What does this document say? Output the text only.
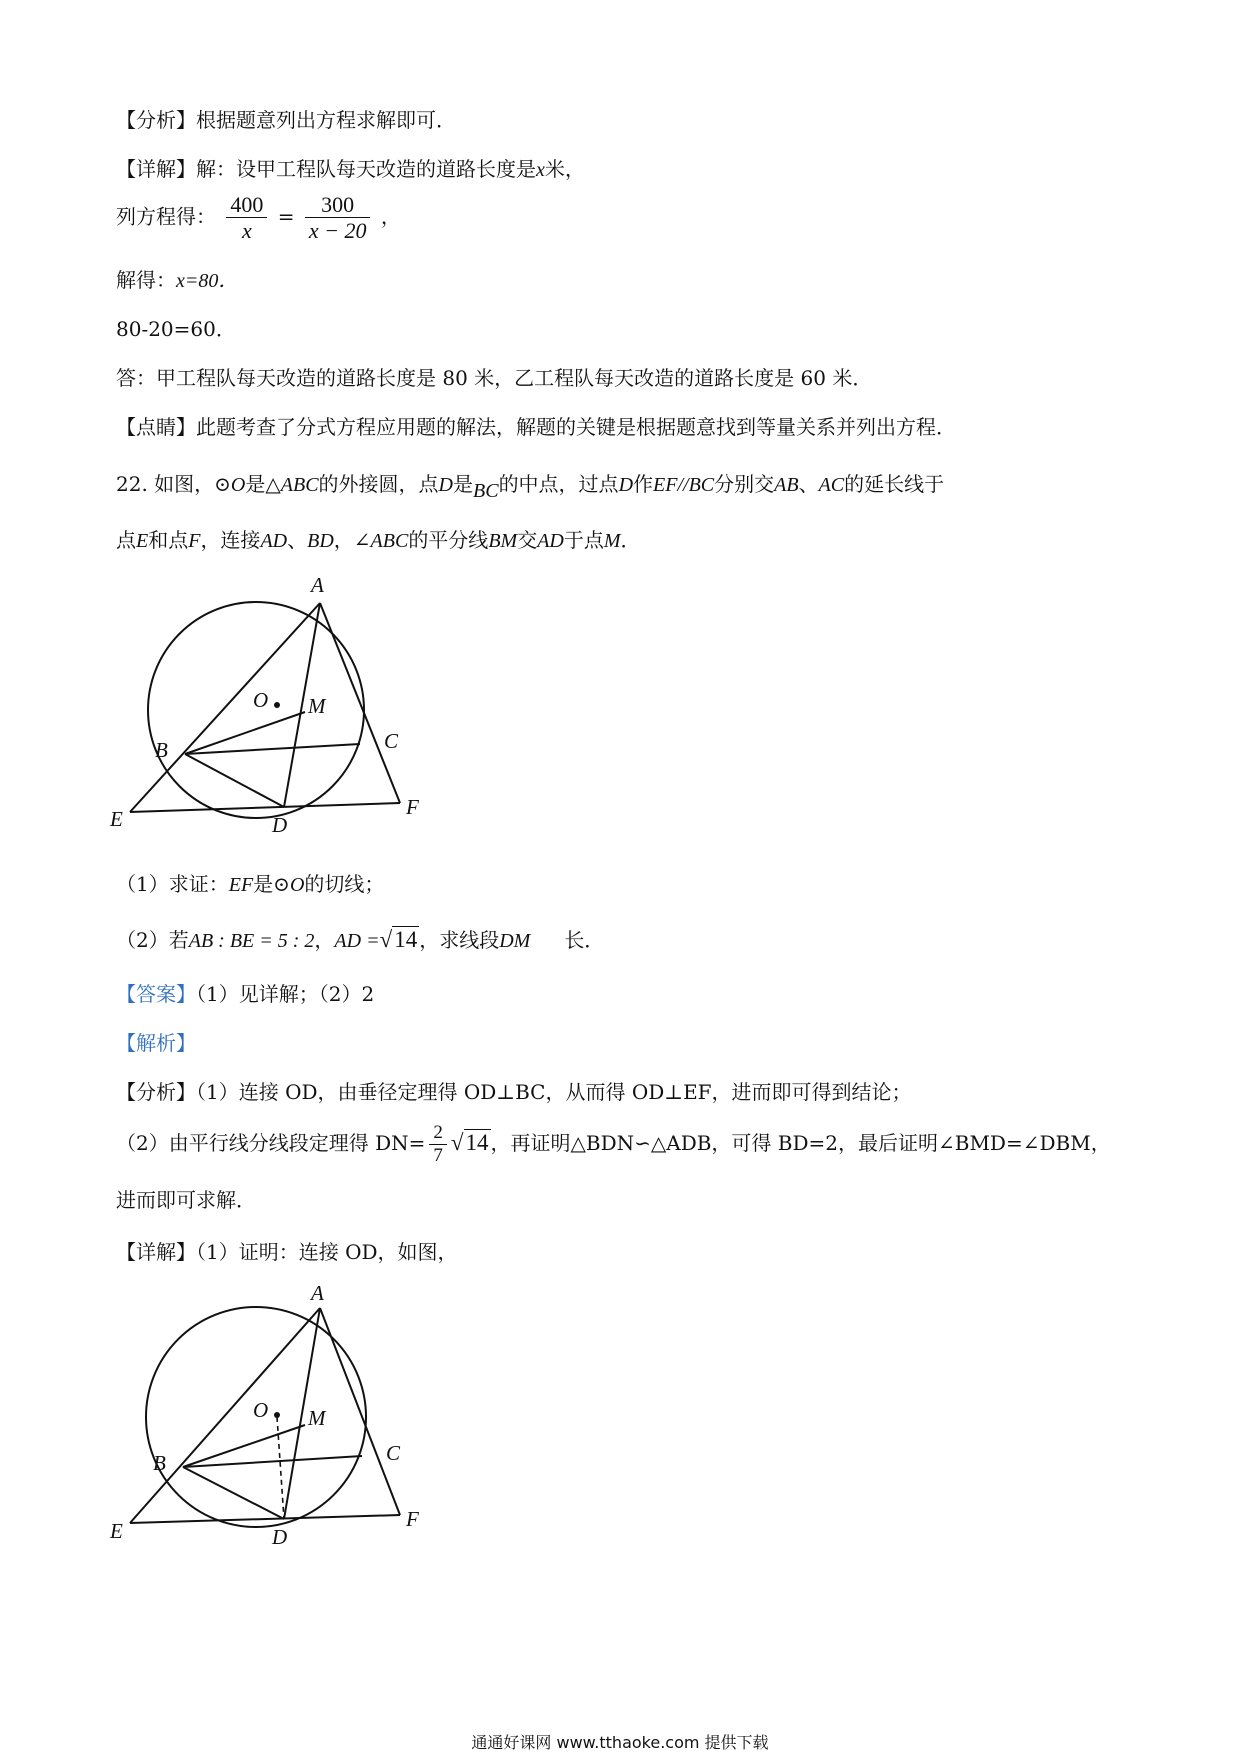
【分析】根据题意列出方程求解即可．
【详解】解：设甲工程队每天改造的道路长度是x米，
列方程得： $\frac{400}{x} = \frac{300}{x - 20}$ ，
解得：x=80．
80-20=60．
答：甲工程队每天改造的道路长度是 80 米，乙工程队每天改造的道路长度是 60 米．
【点睛】此题考查了分式方程应用题的解法，解题的关键是根据题意找到等量关系并列出方程．
22. 如图，⊙O是△ABC的外接圆，点D是BC的中点，过点D作EF//BC分别交AB、AC的延长线于
点E和点F，连接AD、BD，∠ABC的平分线BM交AD于点M．
A
O M
B	C
E	D
F
（1）求证：EF是⊙O的切线；
（2）若AB : BE = 5 : 2，AD =√14 ，求线段DM 长．
【答案】（1）见详解；（2）2
【解析】
【分析】（1）连接 OD，由垂径定理得 OD⊥BC，从而得 OD⊥EF，进而即可得到结论；
（2）由平行线分线段定理得 $DN= \frac{2}{7} √14$ ，再证明△BDN∽△ADB，可得 BD=2，最后证明∠BMD=∠DBM，
进而即可求解．
【详解】（1）证明：连接 OD，如图，
A
O M
B	C
E	D
F
通通好课网 www.tthaoke.com 提供下载
